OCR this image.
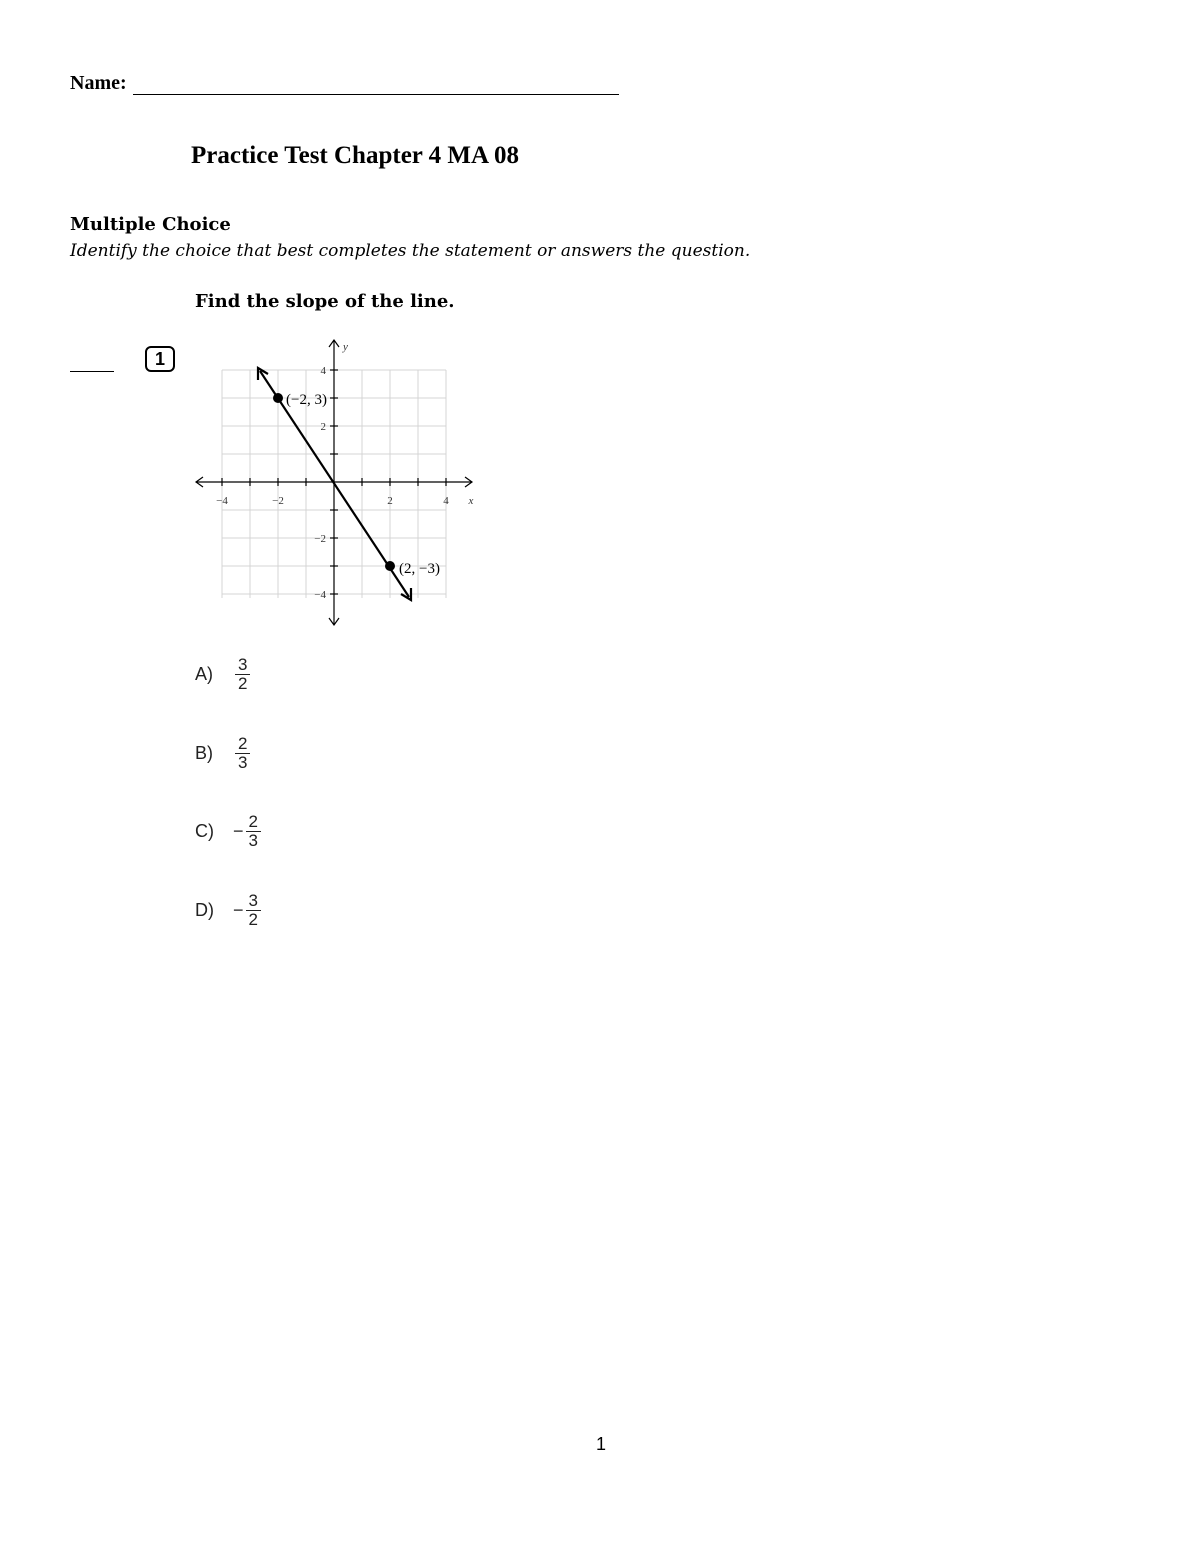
Name:
Practice Test Chapter 4 MA 08
Multiple Choice
Identify the choice that best completes the statement or answers the question.
Find the slope of the line.
1
−4	−2	2	4 x
4
2
−2
−4
y
(−2, 3)
(2, −3)
A)	$\frac{3}{2}$
B)	$\frac{2}{3}$
C)	− $\frac{2}{3}$
D)	− $\frac{3}{2}$
1
